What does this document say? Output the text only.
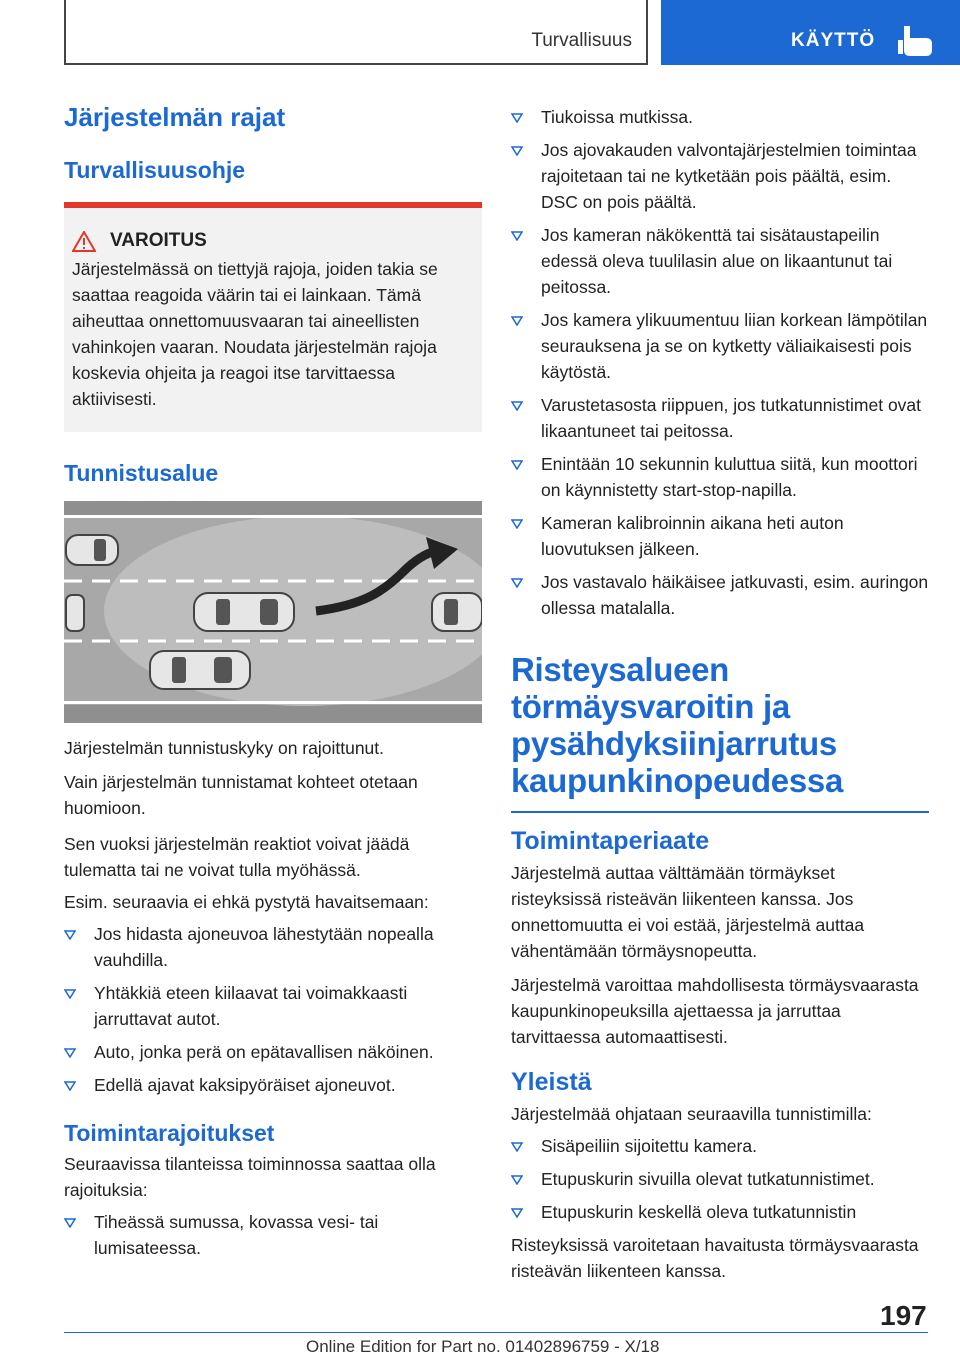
Turvallisuus	KÄYTTÖ
Järjestelmän rajat
Turvallisuusohje
VAROITUS

Järjestelmässä on tiettyjä rajoja, joiden takia se saattaa reagoida väärin tai ei lainkaan. Tämä aiheuttaa onnettomuusvaaran tai aineellisten vahinkojen vaaran. Noudata järjestelmän rajoja koskevia ohjeita ja reagoi itse tarvittaessa aktiivisesti.

Tunnistusalue

Järjestelmän tunnistuskyky on rajoittunut.

Vain järjestelmän tunnistamat kohteet otetaan huomioon.

Sen vuoksi järjestelmän reaktiot voivat jäädä tulematta tai ne voivat tulla myöhässä.

Esim. seuraavia ei ehkä pystytä havaitsemaan:

Jos hidasta ajoneuvoa lähestytään nopealla vauhdilla.
Yhtäkkiä eteen kiilaavat tai voimakkaasti jarruttavat autot.
Auto, jonka perä on epätavallisen näköinen.
Edellä ajavat kaksipyöräiset ajoneuvot.
Toimintarajoitukset

Seuraavissa tilanteissa toiminnossa saattaa olla rajoituksia:

Tiheässä sumussa, kovassa vesi- tai lumisateessa.
Tiukoissa mutkissa.
Jos ajovakauden valvontajärjestelmien toimintaa rajoitetaan tai ne kytketään pois päältä, esim. DSC on pois päältä.
Jos kameran näkökenttä tai sisätaustapeilin edessä oleva tuulilasin alue on likaantunut tai peitossa.
Jos kamera ylikuumentuu liian korkean lämpötilan seurauksena ja se on kytketty väliaikaisesti pois käytöstä.
Varustetasosta riippuen, jos tutkatunnistimet ovat likaantuneet tai peitossa.
Enintään 10 sekunnin kuluttua siitä, kun moottori on käynnistetty start-stop-napilla.
Kameran kalibroinnin aikana heti auton luovutuksen jälkeen.
Jos vastavalo häikäisee jatkuvasti, esim. auringon ollessa matalalla.
Risteysalueen törmäysvaroitin ja pysähdyksiinjarrutus kaupunkinopeudessa
Toimintaperiaate

Järjestelmä auttaa välttämään törmäykset risteyksissä risteävän liikenteen kanssa. Jos onnettomuutta ei voi estää, järjestelmä auttaa vähentämään törmäysnopeutta.

Järjestelmä varoittaa mahdollisesta törmäysvaarasta kaupunkinopeuksilla ajettaessa ja jarruttaa tarvittaessa automaattisesti.

Yleistä

Järjestelmää ohjataan seuraavilla tunnistimilla:

Sisäpeiliin sijoitettu kamera.
Etupuskurin sivuilla olevat tutkatunnistimet.
Etupuskurin keskellä oleva tutkatunnistin

Risteyksissä varoitetaan havaitusta törmäysvaarasta risteävän liikenteen kanssa.

197
Online Edition for Part no. 01402896759 - X/18
